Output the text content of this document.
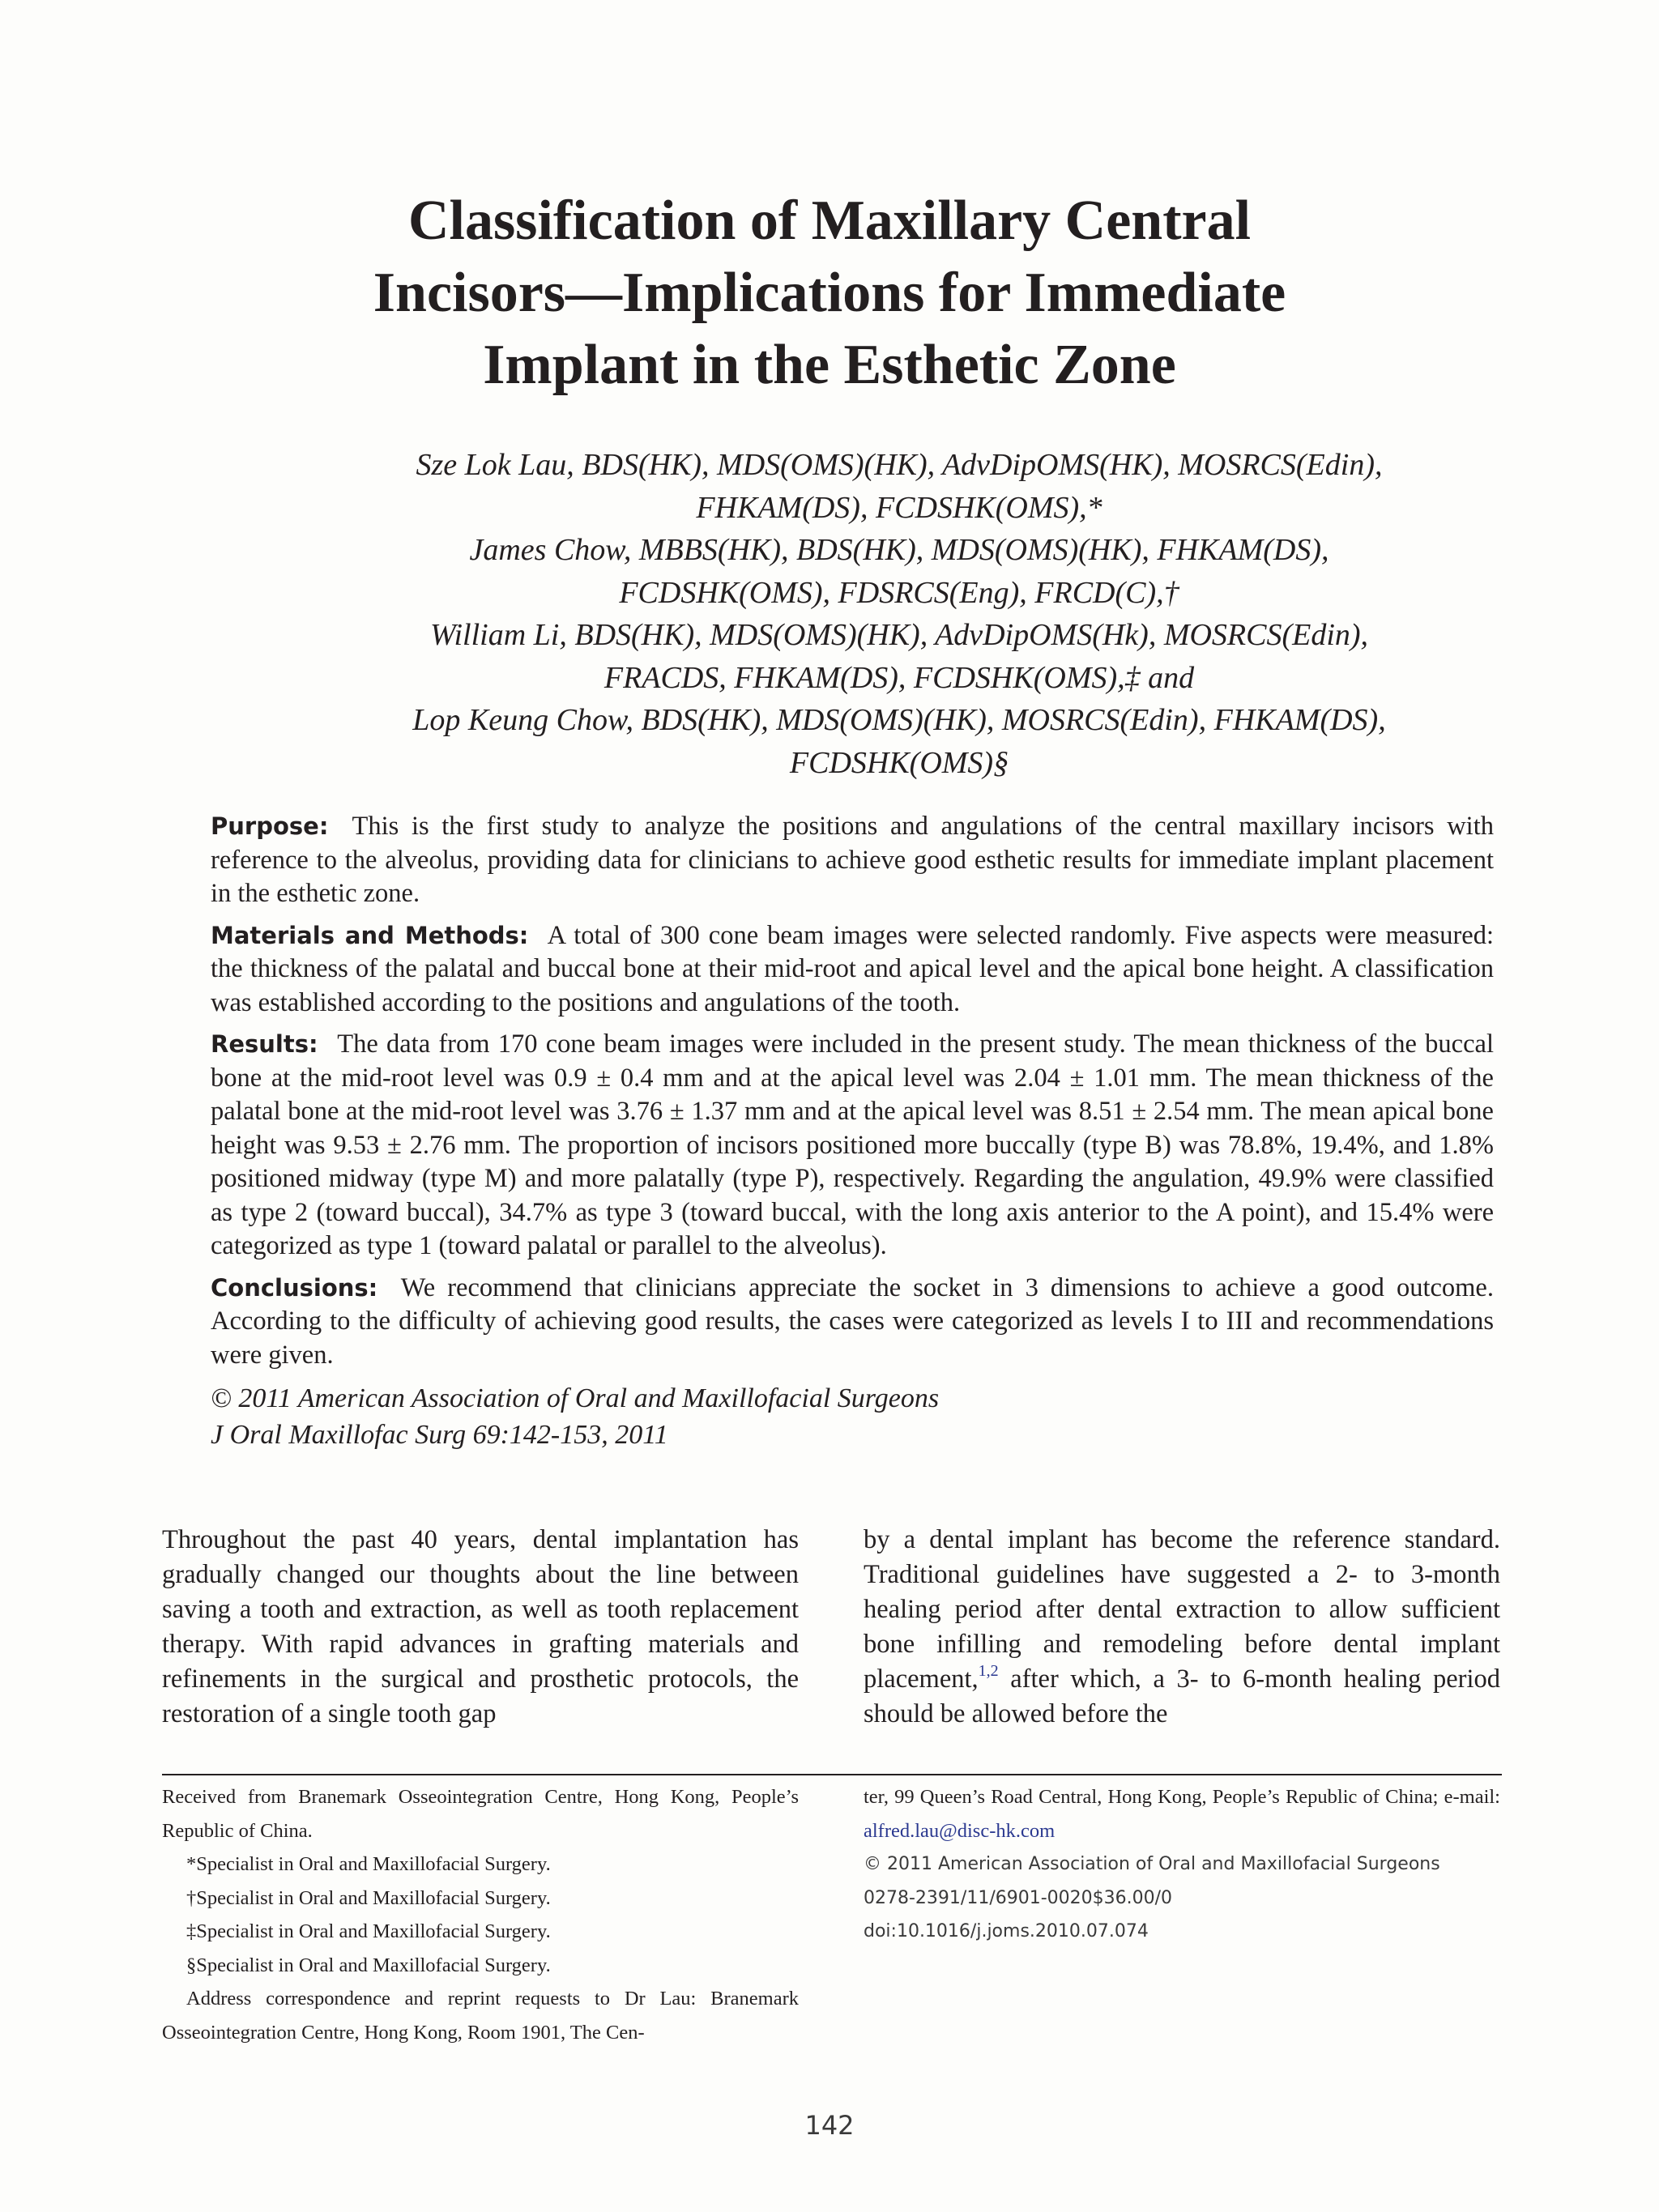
Classification of Maxillary Central
Incisors—Implications for Immediate
Implant in the Esthetic Zone
Sze Lok Lau, BDS(HK), MDS(OMS)(HK), AdvDipOMS(HK), MOSRCS(Edin),
FHKAM(DS), FCDSHK(OMS),*
James Chow, MBBS(HK), BDS(HK), MDS(OMS)(HK), FHKAM(DS),
FCDSHK(OMS), FDSRCS(Eng), FRCD(C),†
William Li, BDS(HK), MDS(OMS)(HK), AdvDipOMS(Hk), MOSRCS(Edin),
FRACDS, FHKAM(DS), FCDSHK(OMS),‡ and
Lop Keung Chow, BDS(HK), MDS(OMS)(HK), MOSRCS(Edin), FHKAM(DS),
FCDSHK(OMS)§

Purpose: This is the first study to analyze the positions and angulations of the central maxillary incisors with reference to the alveolus, providing data for clinicians to achieve good esthetic results for immediate implant placement in the esthetic zone.

Materials and Methods: A total of 300 cone beam images were selected randomly. Five aspects were measured: the thickness of the palatal and buccal bone at their mid-root and apical level and the apical bone height. A classification was established according to the positions and angulations of the tooth.

Results: The data from 170 cone beam images were included in the present study. The mean thickness of the buccal bone at the mid-root level was 0.9 ± 0.4 mm and at the apical level was 2.04 ± 1.01 mm. The mean thickness of the palatal bone at the mid-root level was 3.76 ± 1.37 mm and at the apical level was 8.51 ± 2.54 mm. The mean apical bone height was 9.53 ± 2.76 mm. The proportion of incisors positioned more buccally (type B) was 78.8%, 19.4%, and 1.8% positioned midway (type M) and more palatally (type P), respectively. Regarding the angulation, 49.9% were classified as type 2 (toward buccal), 34.7% as type 3 (toward buccal, with the long axis anterior to the A point), and 15.4% were categorized as type 1 (toward palatal or parallel to the alveolus).

Conclusions: We recommend that clinicians appreciate the socket in 3 dimensions to achieve a good outcome. According to the difficulty of achieving good results, the cases were categorized as levels I to III and recommendations were given.

© 2011 American Association of Oral and Maxillofacial Surgeons

J Oral Maxillofac Surg 69:142-153, 2011

Throughout the past 40 years, dental implantation has gradually changed our thoughts about the line between saving a tooth and extraction, as well as tooth replacement therapy. With rapid advances in grafting materials and refinements in the surgical and prosthetic protocols, the restoration of a single tooth gap

by a dental implant has become the reference standard. Traditional guidelines have suggested a 2- to 3-month healing period after dental extraction to allow sufficient bone infilling and remodeling before dental implant placement,$^{1,2}$ after which, a 3- to 6-month healing period should be allowed before the

Received from Branemark Osseointegration Centre, Hong Kong, People’s Republic of China.

*Specialist in Oral and Maxillofacial Surgery.

†Specialist in Oral and Maxillofacial Surgery.

‡Specialist in Oral and Maxillofacial Surgery.

§Specialist in Oral and Maxillofacial Surgery.

Address correspondence and reprint requests to Dr Lau: Branemark Osseointegration Centre, Hong Kong, Room 1901, The Cen-

ter, 99 Queen’s Road Central, Hong Kong, People’s Republic of China; e-mail: alfred.lau@disc-hk.com

© 2011 American Association of Oral and Maxillofacial Surgeons

0278-2391/11/6901-0020$36.00/0

doi:10.1016/j.joms.2010.07.074

142
